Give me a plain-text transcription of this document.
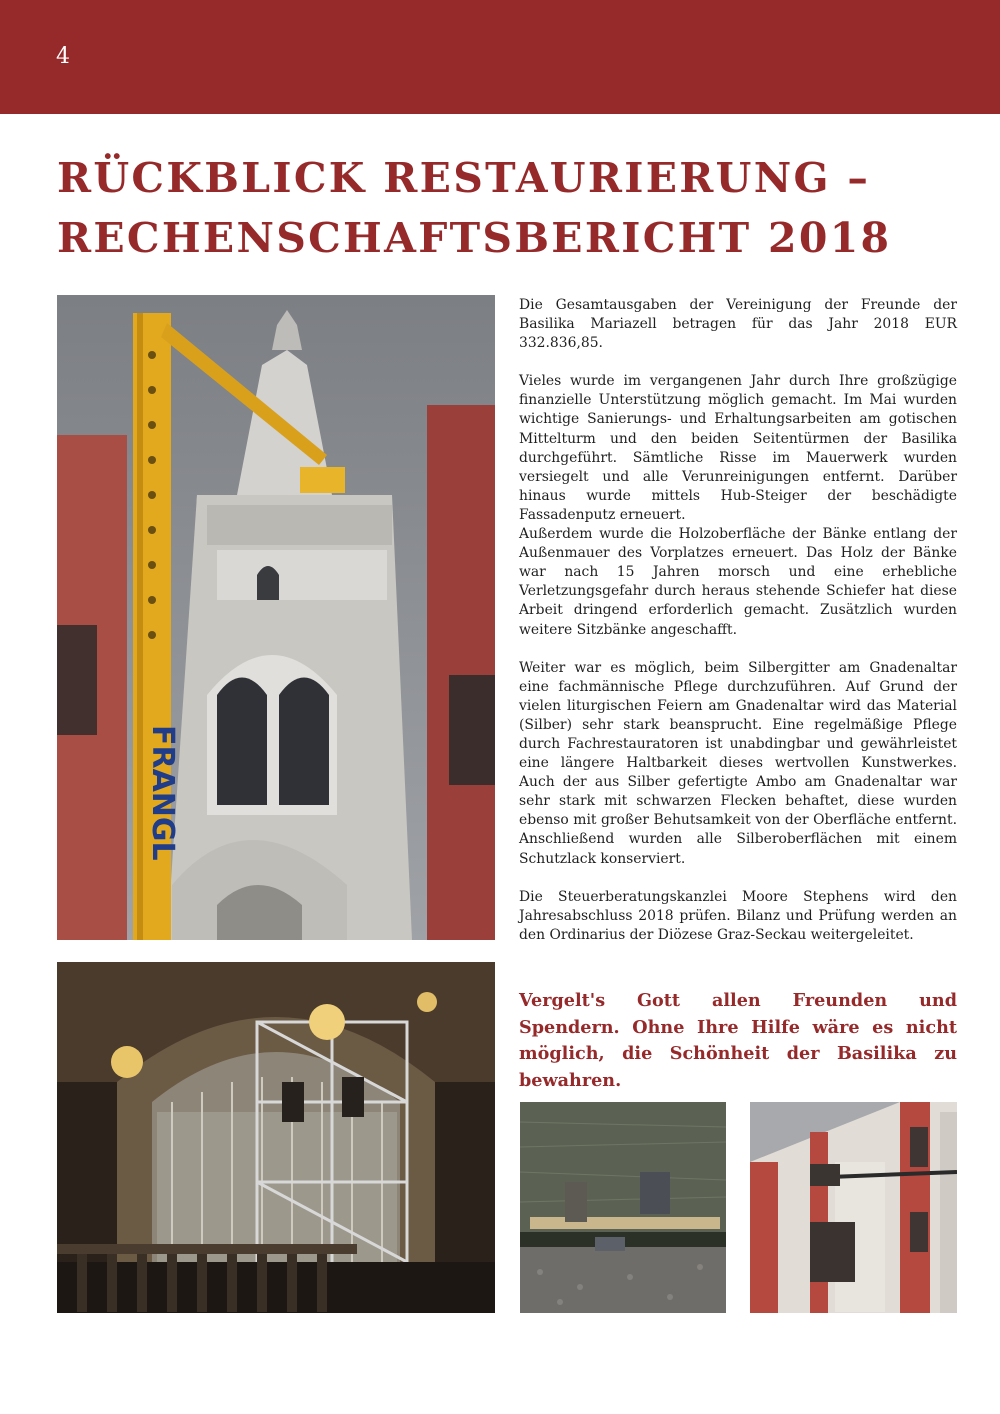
4
RÜCKBLICK RESTAURIERUNG –
RECHENSCHAFTSBERICHT 2018
FRANGL

Die Gesamtausgaben der Vereinigung der Freunde der Basilika Mariazell betragen für das Jahr 2018 EUR 332.836,85.

Vieles wurde im vergangenen Jahr durch Ihre großzügige finanzielle Unterstützung möglich gemacht. Im Mai wurden wichtige Sanierungs- und Erhaltungsarbeiten am gotischen Mittelturm und den beiden Seitentürmen der Basilika durchgeführt. Sämtliche Risse im Mauerwerk wurden versiegelt und alle Verunreinigungen entfernt. Darüber hinaus wurde mittels Hub-Steiger der beschädigte Fassadenputz erneuert.

Außerdem wurde die Holzoberfläche der Bänke entlang der Außenmauer des Vorplatzes erneuert. Das Holz der Bänke war nach 15 Jahren morsch und eine erhebliche Verletzungsgefahr durch heraus stehende Schiefer hat diese Arbeit dringend erforderlich gemacht. Zusätzlich wurden weitere Sitzbänke angeschafft.

Weiter war es möglich, beim Silbergitter am Gnadenaltar eine fachmännische Pflege durchzuführen. Auf Grund der vielen liturgischen Feiern am Gnadenaltar wird das Material (Silber) sehr stark beansprucht. Eine regelmäßige Pflege durch Fachrestauratoren ist unabdingbar und gewährleistet eine längere Haltbarkeit dieses wertvollen Kunstwerkes. Auch der aus Silber gefertigte Ambo am Gnadenaltar war sehr stark mit schwarzen Flecken behaftet, diese wurden ebenso mit großer Behutsamkeit von der Oberfläche entfernt. Anschließend wurden alle Silberoberflächen mit einem Schutzlack konserviert.

Die Steuerberatungskanzlei Moore Stephens wird den Jahresabschluss 2018 prüfen. Bilanz und Prüfung werden an den Ordinarius der Diözese Graz-Seckau weitergeleitet.

Vergelt's Gott allen Freunden und Spendern. Ohne Ihre Hilfe wäre es nicht möglich, die Schönheit der Basilika zu bewahren.
